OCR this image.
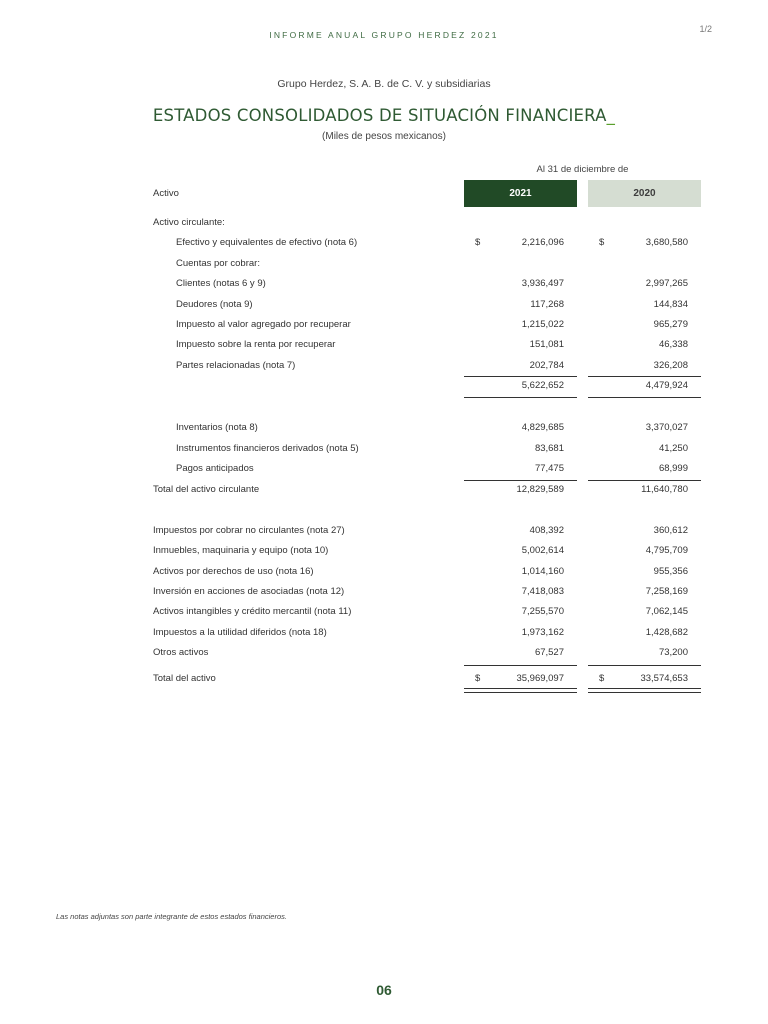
INFORME ANUAL GRUPO HERDEZ 2021
1/2
Grupo Herdez, S. A. B. de C. V. y subsidiarias
ESTADOS CONSOLIDADOS DE SITUACIÓN FINANCIERA_
(Miles de pesos mexicanos)
Al 31 de diciembre de
Activo	2021	2020
Activo circulante:
Efectivo y equivalentes de efectivo (nota 6)	$	2,216,096	$	3,680,580
Cuentas por cobrar:
Clientes (notas 6 y 9)	3,936,497	2,997,265
Deudores (nota 9)	117,268	144,834
Impuesto al valor agregado por recuperar	1,215,022	965,279
Impuesto sobre la renta por recuperar	151,081	46,338
Partes relacionadas (nota 7)	202,784	326,208
5,622,652	4,479,924
Inventarios (nota 8)	4,829,685	3,370,027
Instrumentos financieros derivados (nota 5)	83,681	41,250
Pagos anticipados	77,475	68,999
Total del activo circulante	12,829,589	11,640,780
Impuestos por cobrar no circulantes (nota 27)	408,392	360,612
Inmuebles, maquinaria y equipo (nota 10)	5,002,614	4,795,709
Activos por derechos de uso (nota 16)	1,014,160	955,356
Inversión en acciones de asociadas (nota 12)	7,418,083	7,258,169
Activos intangibles y crédito mercantil (nota 11)	7,255,570	7,062,145
Impuestos a la utilidad diferidos (nota 18)	1,973,162	1,428,682
Otros activos	67,527	73,200
Total del activo	$	35,969,097	$	33,574,653
Las notas adjuntas son parte integrante de estos estados financieros.
06
